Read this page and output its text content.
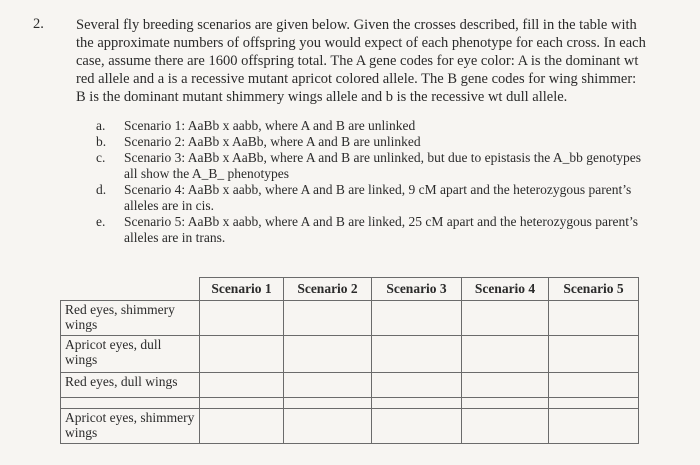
2. Several fly breeding scenarios are given below. Given the crosses described, fill in the table with

the approximate numbers of offspring you would expect of each phenotype for each cross. In each

case, assume there are 1600 offspring total. The A gene codes for eye color: A is the dominant wt

red allele and a is a recessive mutant apricot colored allele. The B gene codes for wing shimmer:

B is the dominant mutant shimmery wings allele and b is the recessive wt dull allele.

a.	Scenario 1: AaBb x aabb, where A and B are unlinked
b.	Scenario 2: AaBb x AaBb, where A and B are unlinked
c.	Scenario 3: AaBb x AaBb, where A and B are unlinked, but due to epistasis the A_bb genotypes all show the A_B_ phenotypes
d.	Scenario 4: AaBb x aabb, where A and B are linked, 9 cM apart and the heterozygous parent’s alleles are in cis.
e.	Scenario 5: AaBb x aabb, where A and B are linked, 25 cM apart and the heterozygous parent’s alleles are in trans.
	Scenario 1	Scenario 2	Scenario 3	Scenario 4	Scenario 5
Red eyes, shimmery wings					
Apricot eyes, dull wings					
Red eyes, dull wings					

Apricot eyes, shimmery wings					
